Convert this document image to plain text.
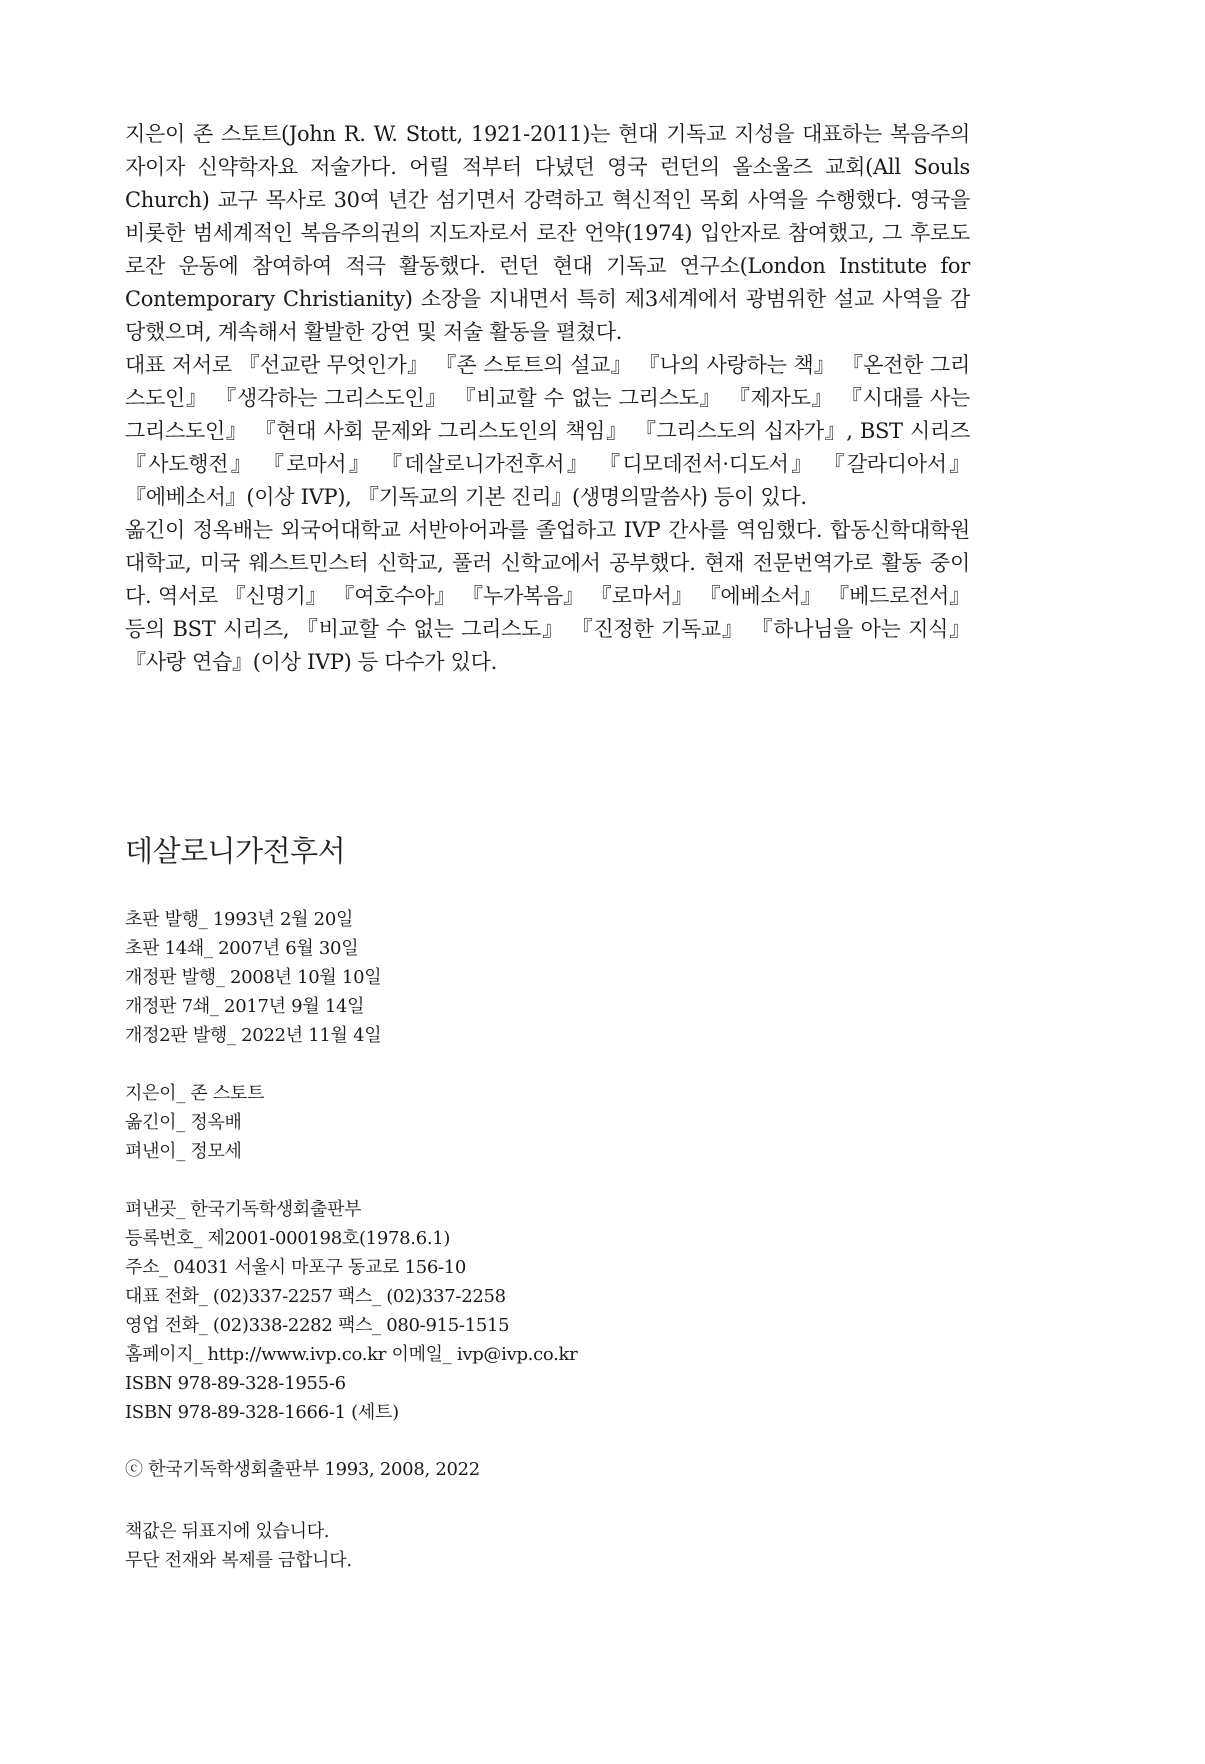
지은이 존 스토트(John R. W. Stott, 1921-2011)는 현대 기독교 지성을 대표하는 복음주의자이자 신약학자요 저술가다. 어릴 적부터 다녔던 영국 런던의 올소울즈 교회(All Souls Church) 교구 목사로 30여 년간 섬기면서 강력하고 혁신적인 목회 사역을 수행했다. 영국을 비롯한 범세계적인 복음주의권의 지도자로서 로잔 언약(1974) 입안자로 참여했고, 그 후로도 로잔 운동에 참여하여 적극 활동했다. 런던 현대 기독교 연구소(London Institute for Contemporary Christianity) 소장을 지내면서 특히 제3세계에서 광범위한 설교 사역을 감당했으며, 계속해서 활발한 강연 및 저술 활동을 펼쳤다.

대표 저서로 『선교란 무엇인가』 『존 스토트의 설교』 『나의 사랑하는 책』 『온전한 그리스도인』 『생각하는 그리스도인』 『비교할 수 없는 그리스도』 『제자도』 『시대를 사는 그리스도인』 『현대 사회 문제와 그리스도인의 책임』 『그리스도의 십자가』, BST 시리즈 『사도행전』 『로마서』 『데살로니가전후서』 『디모데전서·디도서』 『갈라디아서』 『에베소서』(이상 IVP), 『기독교의 기본 진리』(생명의말씀사) 등이 있다.

옮긴이 정옥배는 외국어대학교 서반아어과를 졸업하고 IVP 간사를 역임했다. 합동신학대학원대학교, 미국 웨스트민스터 신학교, 풀러 신학교에서 공부했다. 현재 전문번역가로 활동 중이다. 역서로 『신명기』 『여호수아』 『누가복음』 『로마서』 『에베소서』 『베드로전서』 등의 BST 시리즈, 『비교할 수 없는 그리스도』 『진정한 기독교』 『하나님을 아는 지식』 『사랑 연습』(이상 IVP) 등 다수가 있다.

데살로니가전후서
초판 발행_ 1993년 2월 20일
초판 14쇄_ 2007년 6월 30일
개정판 발행_ 2008년 10월 10일
개정판 7쇄_ 2017년 9월 14일
개정2판 발행_ 2022년 11월 4일
지은이_ 존 스토트
옮긴이_ 정옥배
펴낸이_ 정모세
펴낸곳_ 한국기독학생회출판부
등록번호_ 제2001-000198호(1978.6.1)
주소_ 04031 서울시 마포구 동교로 156-10
대표 전화_ (02)337-2257 팩스_ (02)337-2258
영업 전화_ (02)338-2282 팩스_ 080-915-1515
홈페이지_ http://www.ivp.co.kr 이메일_ ivp@ivp.co.kr
ISBN 978-89-328-1955-6
ISBN 978-89-328-1666-1 (세트)
ⓒ 한국기독학생회출판부 1993, 2008, 2022
책값은 뒤표지에 있습니다.
무단 전재와 복제를 금합니다.
